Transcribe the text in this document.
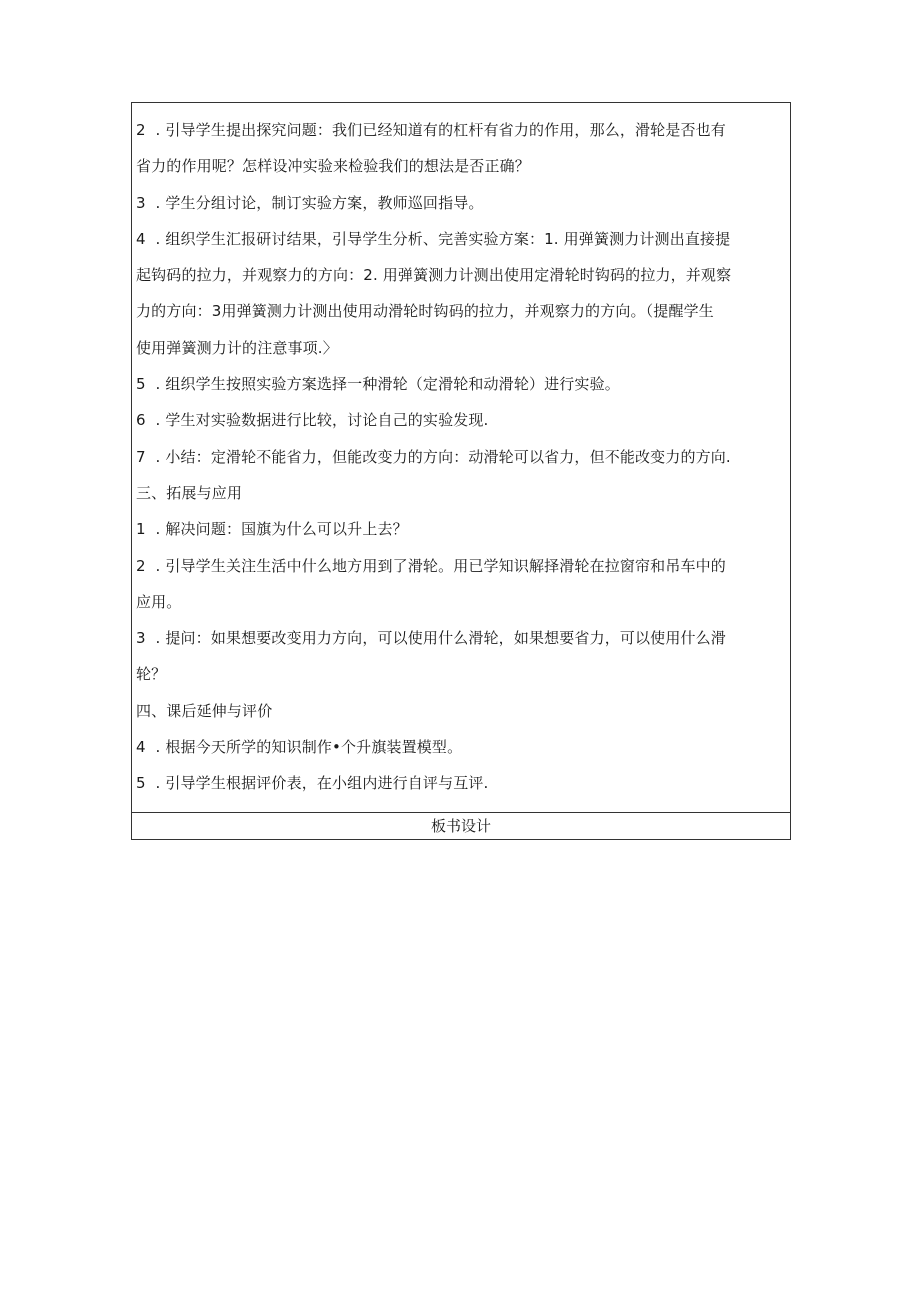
2  . 引导学生提出探究问题：我们已经知道有的杠杆有省力的作用，那么，滑轮是否也有

省力的作用呢？怎样设冲实验来检验我们的想法是否正确？

3  . 学生分组讨论，制订实验方案，教师巡回指导。

4  . 组织学生汇报研讨结果，引导学生分析、完善实验方案：1. 用弹簧测力计测出直接提

起钩码的拉力，并观察力的方向：2. 用弹簧测力计测出使用定滑轮时钩码的拉力，并观察

力的方向：3用弹簧测力计测出使用动滑轮时钩码的拉力，并观察力的方向。（提醒学生

使用弹簧测力计的注意事项.〉

5  . 组织学生按照实验方案选择一种滑轮（定滑轮和动滑轮）进行实验。

6  . 学生对实验数据进行比较，讨论自己的实验发现.

7  . 小结：定滑轮不能省力，但能改变力的方向：动滑轮可以省力，但不能改变力的方向.

三、拓展与应用

1  . 解决问题：国旗为什么可以升上去？

2  . 引导学生关注生活中什么地方用到了滑轮。用已学知识解择滑轮在拉窗帘和吊车中的

应用。

3  . 提问：如果想要改变用力方向，可以使用什么滑轮，如果想要省力，可以使用什么滑

轮？

四、课后延伸与评价

4  . 根据今天所学的知识制作•个升旗装置模型。

5  . 引导学生根据评价表，在小组内进行自评与互评.

板书设计
